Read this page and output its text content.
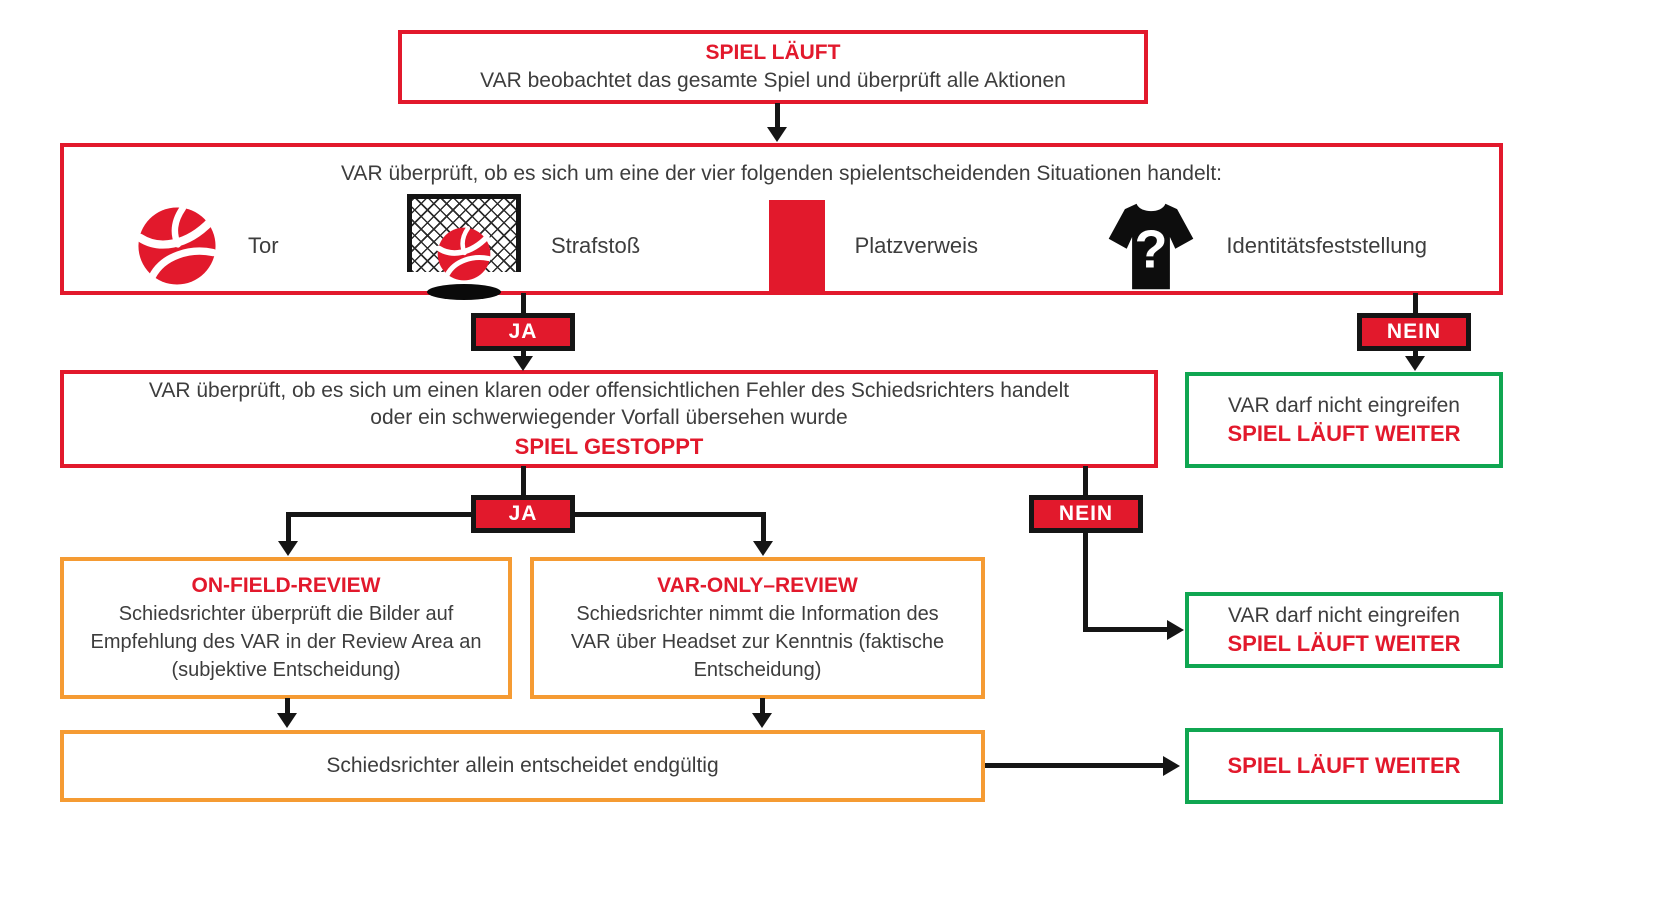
SPIEL LÄUFT
VAR beobachtet das gesamte Spiel und überprüft alle Aktionen
VAR überprüft, ob es sich um eine der vier folgenden spielentscheidenden Situationen handelt:
Tor	Strafstoß	Platzverweis	?	Identitätsfeststellung
JA	NEIN
VAR überprüft, ob es sich um einen klaren oder offensichtlichen Fehler des Schiedsrichters handelt
oder ein schwerwiegender Vorfall übersehen wurde
SPIEL GESTOPPT
VAR darf nicht eingreifen
SPIEL LÄUFT WEITER
JA	NEIN
VAR darf nicht eingreifen
SPIEL LÄUFT WEITER
ON-FIELD-REVIEW
Schiedsrichter überprüft die Bilder auf Empfehlung des VAR in der Review Area an (subjektive Entscheidung)
VAR-ONLY–REVIEW
Schiedsrichter nimmt die Information des VAR über Headset zur Kenntnis (faktische Entscheidung)
Schiedsrichter allein entscheidet endgültig	SPIEL LÄUFT WEITER
